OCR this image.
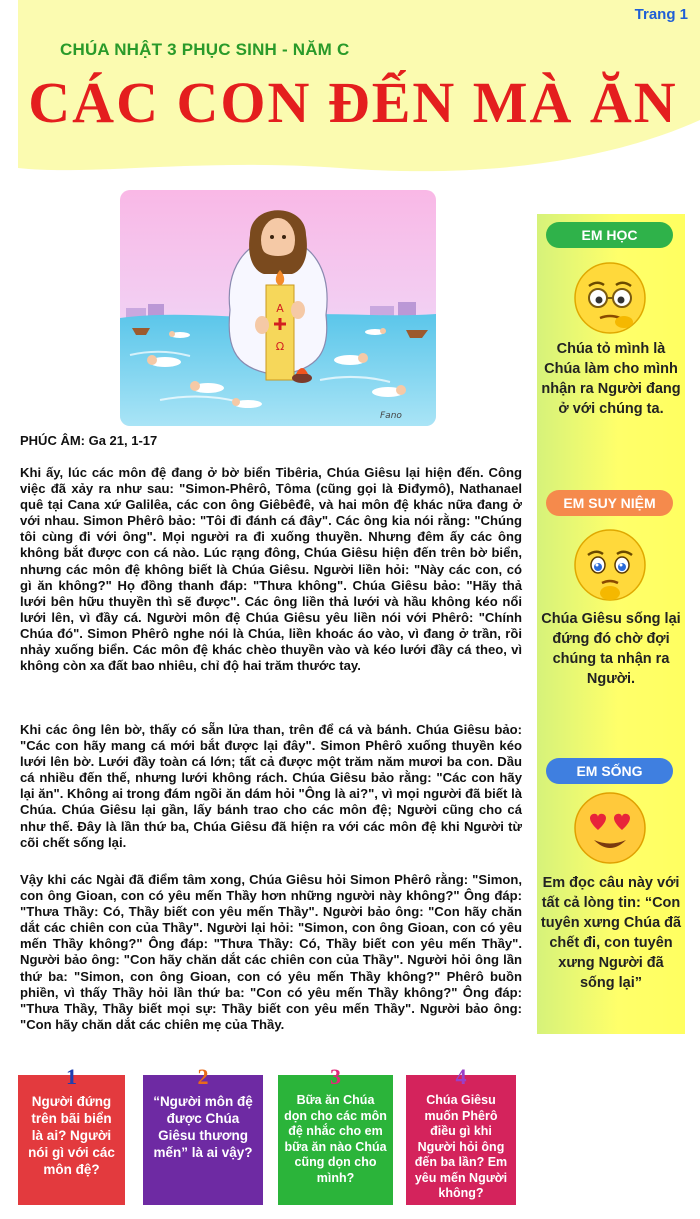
Trang 1
CHÚA NHẬT 3 PHỤC SINH - NĂM C
CÁC CON ĐẾN MÀ ĂN
A
Ω
Fano
PHÚC ÂM: Ga 21, 1-17
Khi ấy, lúc các môn đệ đang ở bờ biển Tibêria, Chúa Giêsu lại hiện đến. Công việc đã xảy ra như sau: "Simon-Phêrô, Tôma (cũng gọi là Điđymô), Nathanael quê tại Cana xứ Galilêa, các con ông Giêbêđê, và hai môn đệ khác nữa đang ở với nhau. Simon Phêrô bảo: "Tôi đi đánh cá đây". Các ông kia nói rằng: "Chúng tôi cùng đi với ông". Mọi người ra đi xuống thuyền. Nhưng đêm ấy các ông không bắt được con cá nào. Lúc rạng đông, Chúa Giêsu hiện đến trên bờ biển, nhưng các môn đệ không biết là Chúa Giêsu. Người liền hỏi: "Này các con, có gì ăn không?" Họ đồng thanh đáp: "Thưa không". Chúa Giêsu bảo: "Hãy thả lưới bên hữu thuyền thì sẽ được". Các ông liền thả lưới và hầu không kéo nổi lưới lên, vì đầy cá. Người môn đệ Chúa Giêsu yêu liền nói với Phêrô: "Chính Chúa đó". Simon Phêrô nghe nói là Chúa, liền khoác áo vào, vì đang ở trần, rồi nhảy xuống biển. Các môn đệ khác chèo thuyền vào và kéo lưới đầy cá theo, vì không còn xa đất bao nhiêu, chỉ độ hai trăm thước tay.
Khi các ông lên bờ, thấy có sẵn lửa than, trên để cá và bánh. Chúa Giêsu bảo: "Các con hãy mang cá mới bắt được lại đây". Simon Phêrô xuống thuyền kéo lưới lên bờ. Lưới đầy toàn cá lớn; tất cả được một trăm năm mươi ba con. Dầu cá nhiều đến thế, nhưng lưới không rách. Chúa Giêsu bảo rằng: "Các con hãy lại ăn". Không ai trong đám ngồi ăn dám hỏi "Ông là ai?", vì mọi người đã biết là Chúa. Chúa Giêsu lại gần, lấy bánh trao cho các môn đệ; Người cũng cho cá như thế. Đây là lần thứ ba, Chúa Giêsu đã hiện ra với các môn đệ khi Người từ cõi chết sống lại.
Vậy khi các Ngài đã điểm tâm xong, Chúa Giêsu hỏi Simon Phêrô rằng: "Simon, con ông Gioan, con có yêu mến Thầy hơn những người này không?" Ông đáp: "Thưa Thầy: Có, Thầy biết con yêu mến Thầy". Người bảo ông: "Con hãy chăn dắt các chiên con của Thầy". Người lại hỏi: "Simon, con ông Gioan, con có yêu mến Thầy không?" Ông đáp: "Thưa Thầy: Có, Thầy biết con yêu mến Thầy". Người bảo ông: "Con hãy chăn dắt các chiên con của Thầy". Người hỏi ông lần thứ ba: "Simon, con ông Gioan, con có yêu mến Thầy không?" Phêrô buồn phiền, vì thấy Thầy hỏi lần thứ ba: "Con có yêu mến Thầy không?" Ông đáp: "Thưa Thầy, Thầy biết mọi sự: Thầy biết con yêu mến Thầy". Người bảo ông: "Con hãy chăn dắt các chiên mẹ của Thầy.
EM HỌC
Chúa tỏ mình là Chúa làm cho mình nhận ra Người đang ở với chúng ta.
EM SUY NIỆM
Chúa Giêsu sống lại đứng đó chờ đợi chúng ta nhận ra Người.
EM SỐNG
Em đọc câu này với tất cả lòng tin: “Con tuyên xưng Chúa đã chết đi, con tuyên xưng Người đã sống lại”
1
Người đứng trên bãi biển là ai? Người nói gì với các môn đệ?
2
“Người môn đệ được Chúa Giêsu thương mến” là ai vậy?
3
Bữa ăn Chúa dọn cho các môn đệ nhắc cho em bữa ăn nào Chúa cũng dọn cho mình?
4
Chúa Giêsu muốn Phêrô điều gì khi Người hỏi ông đến ba lần? Em yêu mến Người không?
